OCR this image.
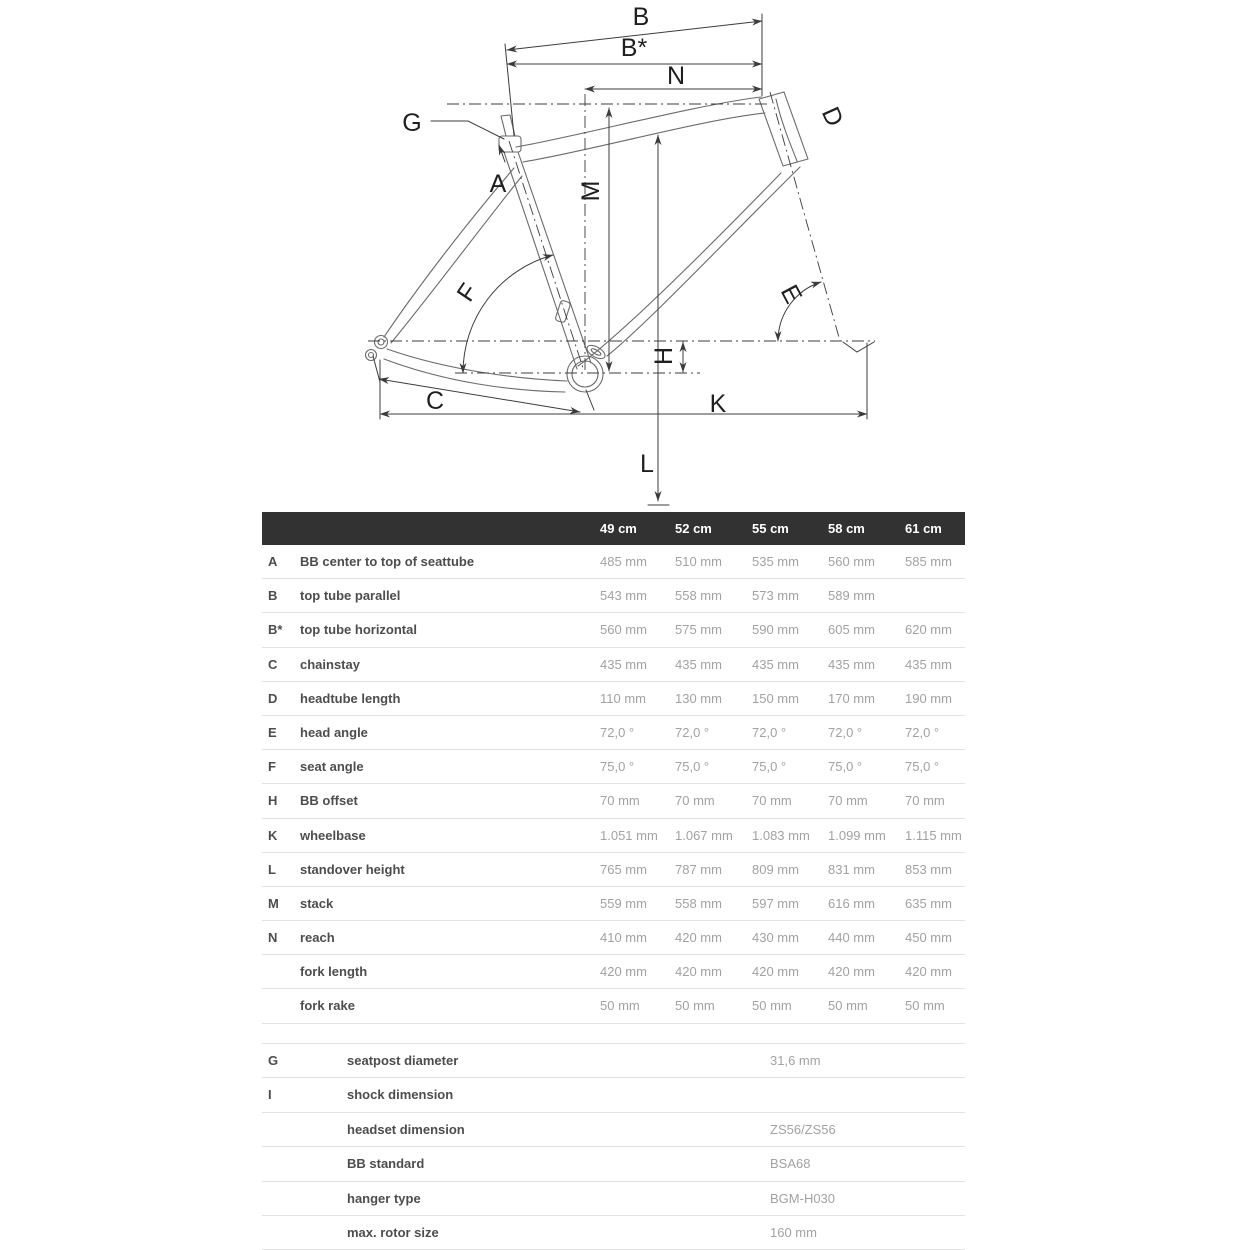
B
B*
N
G
A
D
M
E
F
H
C	K
L
49 cm	52 cm	55 cm	58 cm	61 cm
A BB center to top of seattube	485 mm 510 mm 535 mm 560 mm 585 mm
B top tube parallel	543 mm 558 mm 573 mm 589 mm
B* top tube horizontal	560 mm 575 mm 590 mm 605 mm 620 mm
C chainstay	435 mm 435 mm 435 mm 435 mm 435 mm
D headtube length	110 mm 130 mm 150 mm 170 mm 190 mm
E head angle	72,0 °	72,0 °	72,0 °	72,0 °	72,0 °
F seat angle	75,0 °	75,0 °	75,0 °	75,0 °	75,0 °
H BB offset	70 mm	70 mm	70 mm	70 mm	70 mm
K wheelbase	1.051 mm 1.067 mm 1.083 mm 1.099 mm 1.115 mm
L standover height	765 mm 787 mm 809 mm 831 mm 853 mm
M stack	559 mm 558 mm 597 mm 616 mm 635 mm
N reach	410 mm 420 mm 430 mm 440 mm 450 mm
fork length	420 mm 420 mm 420 mm 420 mm 420 mm
fork rake	50 mm	50 mm	50 mm	50 mm	50 mm
G	seatpost diameter	31,6 mm
I	shock dimension
headset dimension	ZS56/ZS56
BB standard	BSA68
hanger type	BGM-H030
max. rotor size	160 mm
